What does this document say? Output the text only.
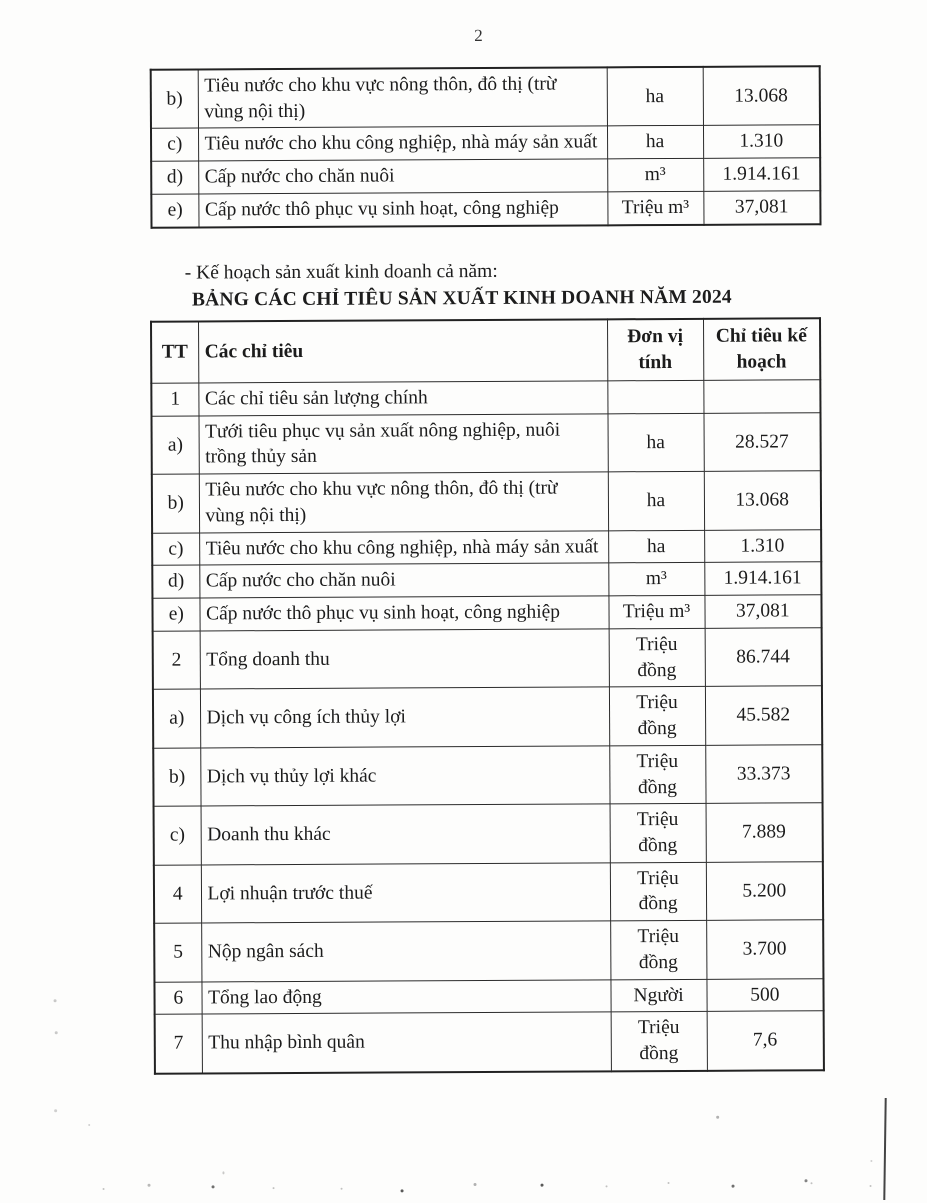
2
b)	Tiêu nước cho khu vực nông thôn, đô thị (trừ vùng nội thị)	ha	13.068
c)	Tiêu nước cho khu công nghiệp, nhà máy sản xuất	ha	1.310
d)	Cấp nước cho chăn nuôi	m³	1.914.161
e)	Cấp nước thô phục vụ sinh hoạt, công nghiệp	Triệu m³	37,081
- Kế hoạch sản xuất kinh doanh cả năm:
BẢNG CÁC CHỈ TIÊU SẢN XUẤT KINH DOANH NĂM 2024
TT	Các chỉ tiêu	Đơn vị tính	Chỉ tiêu kế hoạch
1	Các chỉ tiêu sản lượng chính		
a)	Tưới tiêu phục vụ sản xuất nông nghiệp, nuôi trồng thủy sản	ha	28.527
b)	Tiêu nước cho khu vực nông thôn, đô thị (trừ vùng nội thị)	ha	13.068
c)	Tiêu nước cho khu công nghiệp, nhà máy sản xuất	ha	1.310
d)	Cấp nước cho chăn nuôi	m³	1.914.161
e)	Cấp nước thô phục vụ sinh hoạt, công nghiệp	Triệu m³	37,081
2	Tổng doanh thu	Triệu đồng	86.744
a)	Dịch vụ công ích thủy lợi	Triệu đồng	45.582
b)	Dịch vụ thủy lợi khác	Triệu đồng	33.373
c)	Doanh thu khác	Triệu đồng	7.889
4	Lợi nhuận trước thuế	Triệu đồng	5.200
5	Nộp ngân sách	Triệu đồng	3.700
6	Tổng lao động	Người	500
7	Thu nhập bình quân	Triệu đồng	7,6
